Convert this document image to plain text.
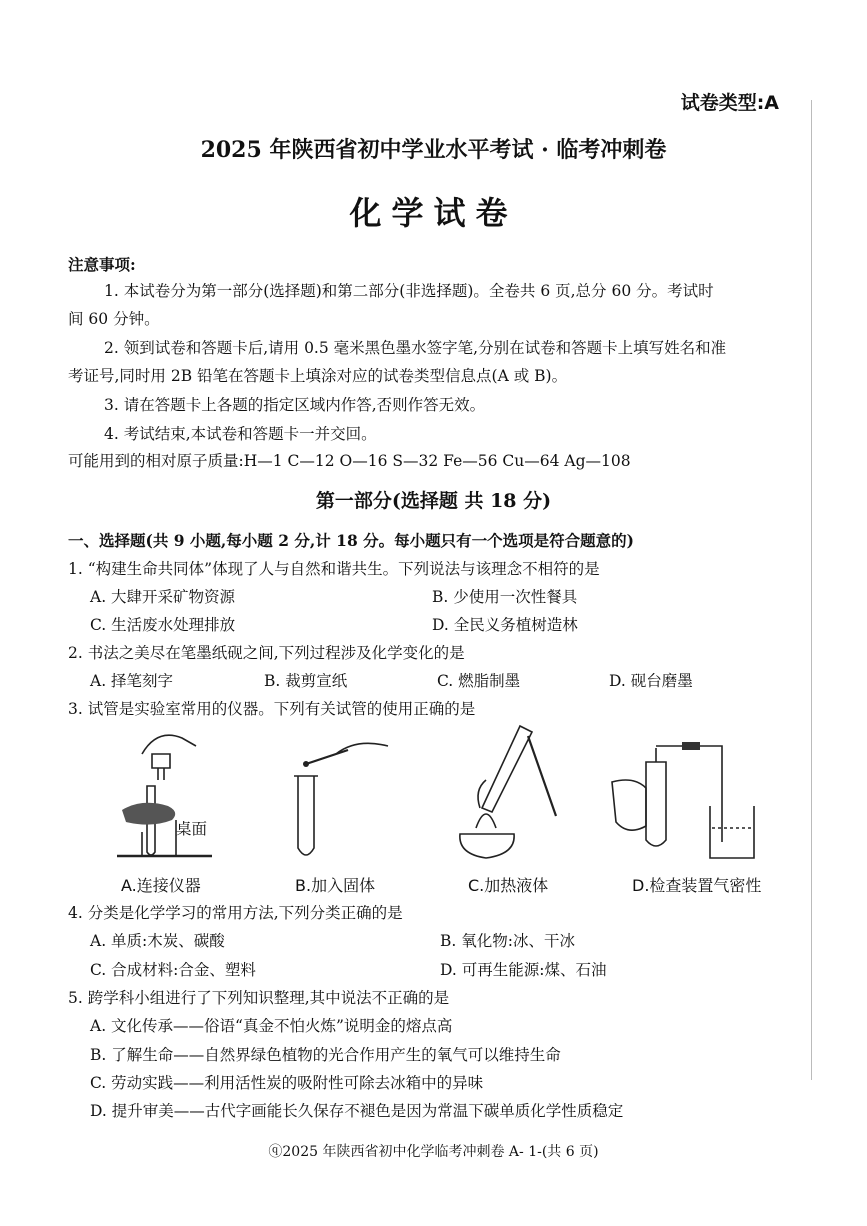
试卷类型:A
2025 年陕西省初中学业水平考试 · 临考冲刺卷
化学试卷
注意事项:
1. 本试卷分为第一部分(选择题)和第二部分(非选择题)。全卷共 6 页,总分 60 分。考试时
间 60 分钟。
2. 领到试卷和答题卡后,请用 0.5 毫米黑色墨水签字笔,分别在试卷和答题卡上填写姓名和准
考证号,同时用 2B 铅笔在答题卡上填涂对应的试卷类型信息点(A 或 B)。
3. 请在答题卡上各题的指定区域内作答,否则作答无效。
4. 考试结束,本试卷和答题卡一并交回。
可能用到的相对原子质量:H—1 C—12 O—16 S—32 Fe—56 Cu—64 Ag—108
第一部分(选择题 共 18 分)
一、选择题(共 9 小题,每小题 2 分,计 18 分。每小题只有一个选项是符合题意的)
1. “构建生命共同体”体现了人与自然和谐共生。下列说法与该理念不相符的是
A. 大肆开采矿物资源	B. 少使用一次性餐具
C. 生活废水处理排放	D. 全民义务植树造林
2. 书法之美尽在笔墨纸砚之间,下列过程涉及化学变化的是
A. 择笔刻字	B. 裁剪宣纸	C. 燃脂制墨	D. 砚台磨墨
3. 试管是实验室常用的仪器。下列有关试管的使用正确的是
桌面
A.连接仪器	B.加入固体	C.加热液体	D.检查装置气密性
4. 分类是化学学习的常用方法,下列分类正确的是
A. 单质:木炭、碳酸	B. 氧化物:冰、干冰
C. 合成材料:合金、塑料	D. 可再生能源:煤、石油
5. 跨学科小组进行了下列知识整理,其中说法不正确的是
A. 文化传承——俗语“真金不怕火炼”说明金的熔点高
B. 了解生命——自然界绿色植物的光合作用产生的氧气可以维持生命
C. 劳动实践——利用活性炭的吸附性可除去冰箱中的异味
D. 提升审美——古代字画能长久保存不褪色是因为常温下碳单质化学性质稳定
ⓠ2025 年陕西省初中化学临考冲刺卷 A- 1-(共 6 页)
